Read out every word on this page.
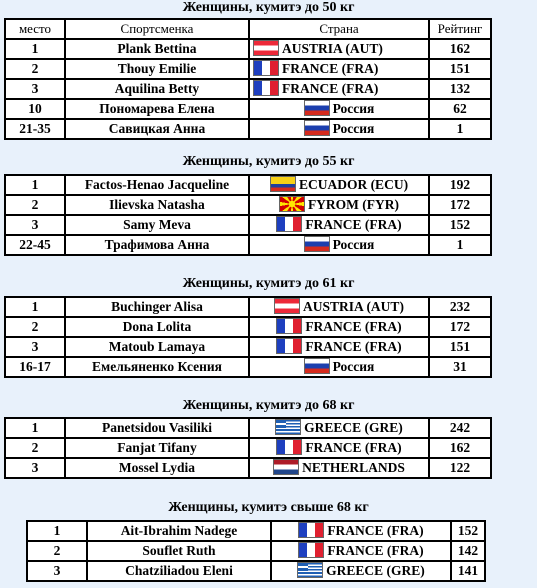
Женщины, кумитэ до 50 кг
место	Спортсменка	Страна	Рейтинг
1	Plank Bettina	AUSTRIA (AUT)	162
2	Thouy Emilie	FRANCE (FRA)	151
3	Aquilina Betty	FRANCE (FRA)	132
10	Пономарева Елена	Россия	62
21-35	Савицкая Анна	Россия	1
Женщины, кумитэ до 55 кг
1	Factos-Henao Jacqueline	ECUADOR (ECU)	192
2	Ilievska Natasha	FYROM (FYR)	172
3	Samy Meva	FRANCE (FRA)	152
22-45	Трафимова Анна	Россия	1
Женщины, кумитэ до 61 кг
1	Buchinger Alisa	AUSTRIA (AUT)	232
2	Dona Lolita	FRANCE (FRA)	172
3	Matoub Lamaya	FRANCE (FRA)	151
16-17	Емельяненко Ксения	Россия	31
Женщины, кумитэ до 68 кг
1	Panetsidou Vasiliki	GREECE (GRE)	242
2	Fanjat Tifany	FRANCE (FRA)	162
3	Mossel Lydia	NETHERLANDS	122
Женщины, кумитэ свыше 68 кг
1	Ait-Ibrahim Nadege	FRANCE (FRA)	152
2	Souflet Ruth	FRANCE (FRA)	142
3	Chatziliadou Eleni	GREECE (GRE)	141
